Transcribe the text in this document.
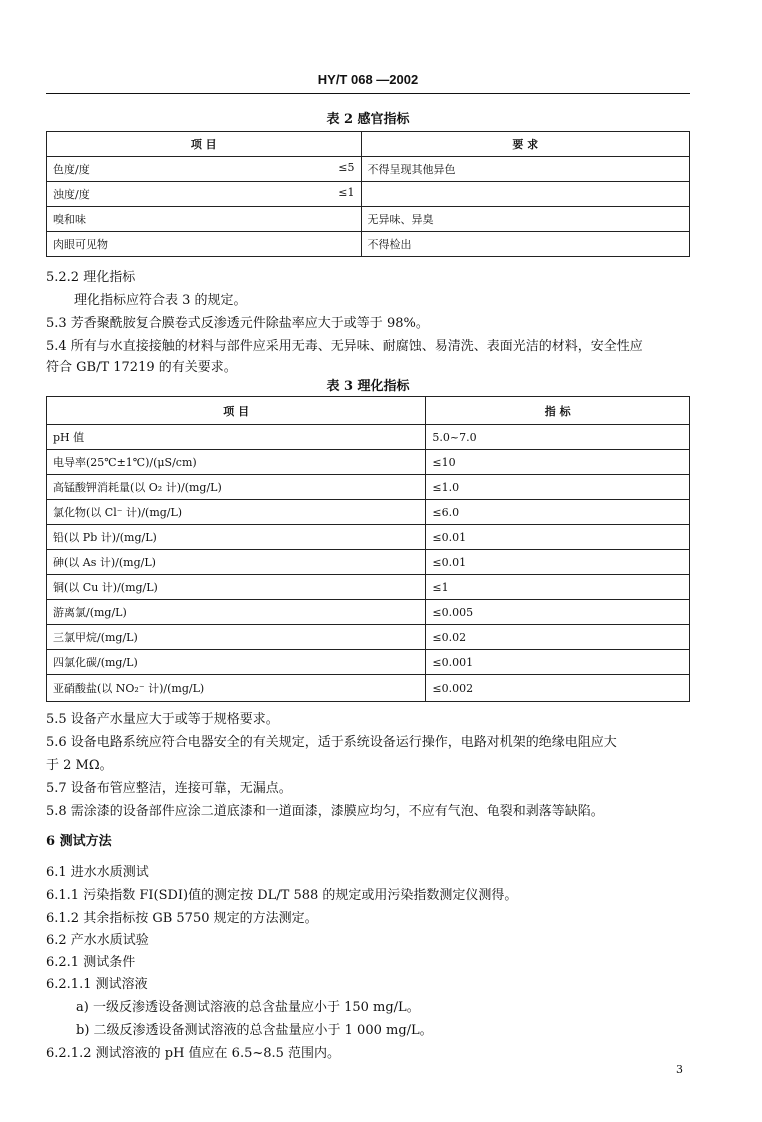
HY/T 068 —2002
表 2 感官指标
项 目	要 求
色度/度 ≤5	不得呈现其他异色
浊度/度 ≤1	

嗅和味	无异味、异臭
肉眼可见物	不得检出
5.2.2 理化指标
理化指标应符合表 3 的规定。
5.3 芳香聚酰胺复合膜卷式反渗透元件除盐率应大于或等于 98%。
5.4 所有与水直接接触的材料与部件应采用无毒、无异味、耐腐蚀、易清洗、表面光洁的材料，安全性应
符合 GB/T 17219 的有关要求。
表 3 理化指标
项 目	指 标
pH 值	5.0~7.0
电导率(25℃±1℃)/(μS/cm)	≤10
高锰酸钾消耗量(以 O₂ 计)/(mg/L)	≤1.0
氯化物(以 Cl⁻ 计)/(mg/L)	≤6.0
铅(以 Pb 计)/(mg/L)	≤0.01
砷(以 As 计)/(mg/L)	≤0.01
铜(以 Cu 计)/(mg/L)	≤1
游离氯/(mg/L)	≤0.005
三氯甲烷/(mg/L)	≤0.02
四氯化碳/(mg/L)	≤0.001
亚硝酸盐(以 NO₂⁻ 计)/(mg/L)	≤0.002
5.5 设备产水量应大于或等于规格要求。
5.6 设备电路系统应符合电器安全的有关规定，适于系统设备运行操作，电路对机架的绝缘电阻应大
于 2 MΩ。
5.7 设备布管应整洁，连接可靠，无漏点。
5.8 需涂漆的设备部件应涂二道底漆和一道面漆，漆膜应均匀，不应有气泡、龟裂和剥落等缺陷。
6 测试方法
6.1 进水水质测试
6.1.1 污染指数 FI(SDI)值的测定按 DL/T 588 的规定或用污染指数测定仪测得。
6.1.2 其余指标按 GB 5750 规定的方法测定。
6.2 产水水质试验
6.2.1 测试条件
6.2.1.1 测试溶液
a) 一级反渗透设备测试溶液的总含盐量应小于 150 mg/L。
b) 二级反渗透设备测试溶液的总含盐量应小于 1 000 mg/L。
6.2.1.2 测试溶液的 pH 值应在 6.5~8.5 范围内。
3
